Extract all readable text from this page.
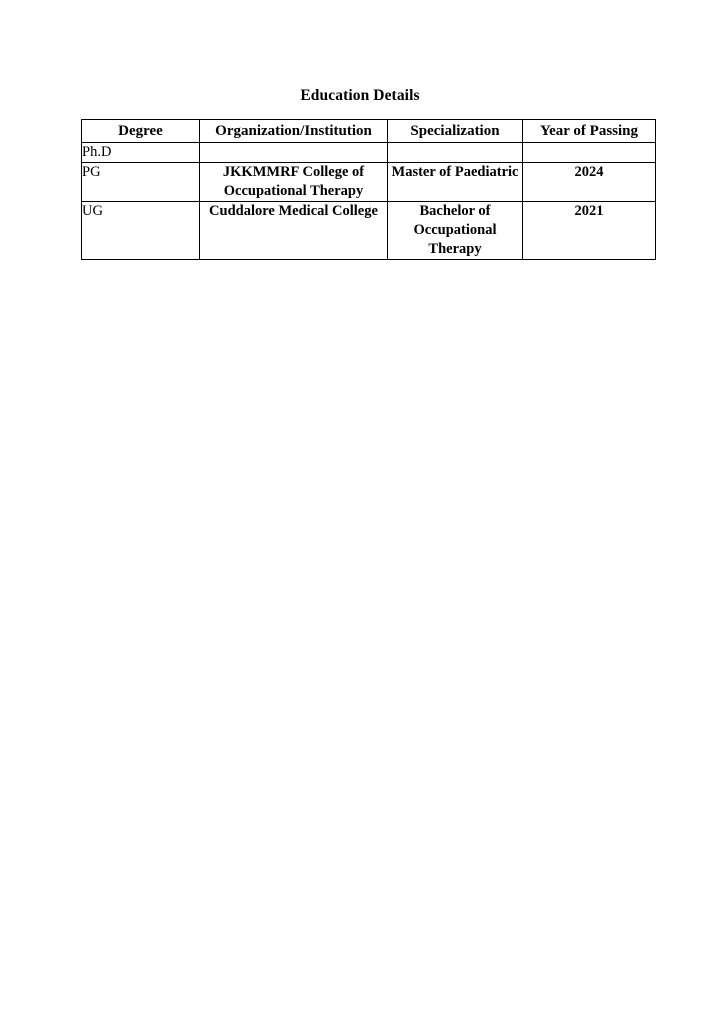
Education Details
Degree	Organization/Institution	Specialization	Year of Passing
Ph.D			
PG	JKKMMRF College of Occupational Therapy	Master of Paediatric	2024
UG	Cuddalore Medical College	Bachelor of Occupational Therapy	2021
